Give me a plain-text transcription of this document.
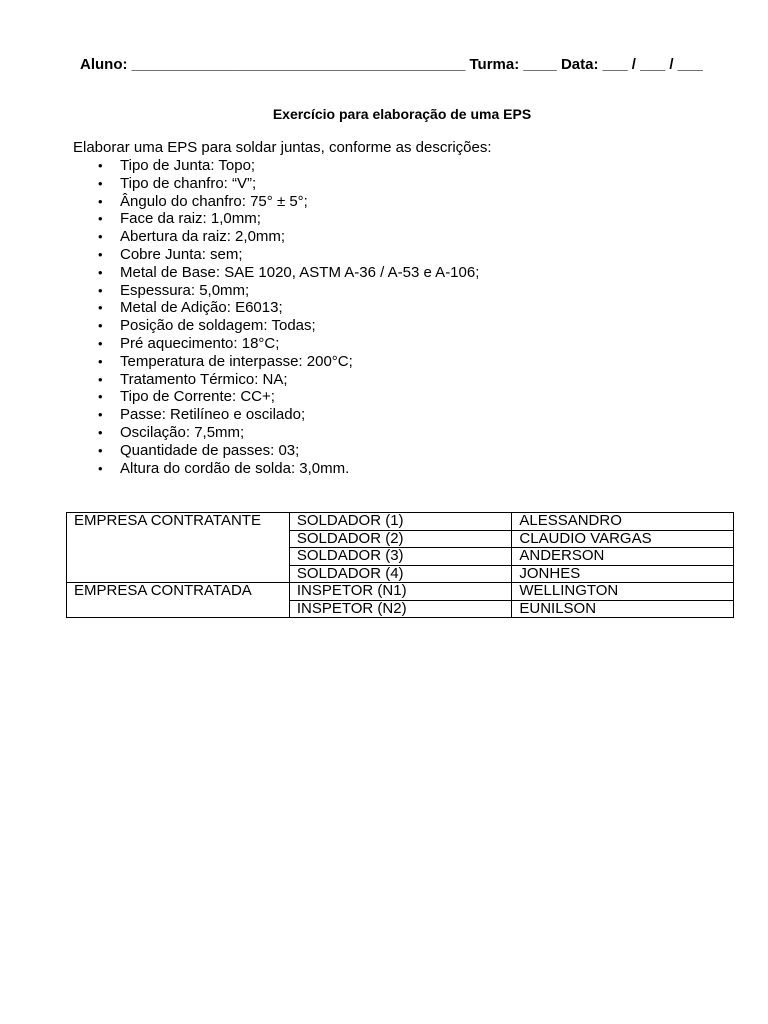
Aluno: ________________________________________ Turma: ____ Data: ___ / ___ / ___
Exercício para elaboração de uma EPS
Elaborar uma EPS para soldar juntas, conforme as descrições:
• Tipo de Junta: Topo;
• Tipo de chanfro: “V”;
• Ângulo do chanfro: 75° ± 5°;
• Face da raiz: 1,0mm;
• Abertura da raiz: 2,0mm;
• Cobre Junta: sem;
• Metal de Base: SAE 1020, ASTM A-36 / A-53 e A-106;
• Espessura: 5,0mm;
• Metal de Adição: E6013;
• Posição de soldagem: Todas;
• Pré aquecimento: 18°C;
• Temperatura de interpasse: 200°C;
• Tratamento Térmico: NA;
• Tipo de Corrente: CC+;
• Passe: Retilíneo e oscilado;
• Oscilação: 7,5mm;
• Quantidade de passes: 03;
• Altura do cordão de solda: 3,0mm.
EMPRESA CONTRATANTE	SOLDADOR (1)	ALESSANDRO
	SOLDADOR (2)	CLAUDIO VARGAS
	SOLDADOR (3)	ANDERSON
	SOLDADOR (4)	JONHES
EMPRESA CONTRATADA	INSPETOR (N1)	WELLINGTON
	INSPETOR (N2)	EUNILSON
